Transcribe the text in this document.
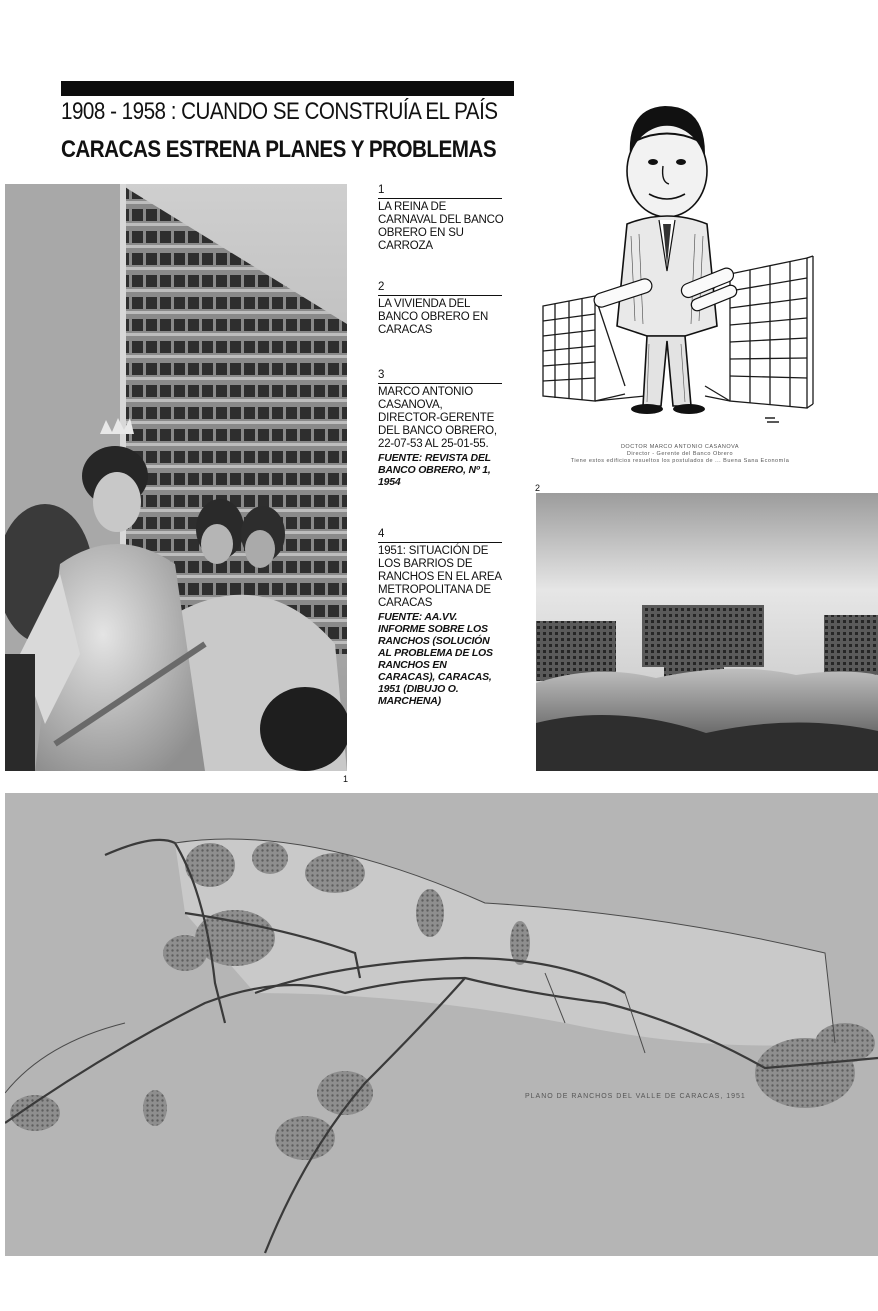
1908 - 1958 : CUANDO SE CONSTRUÍA EL PAÍS
CARACAS ESTRENA PLANES Y PROBLEMAS
1
1
LA REINA DE CARNAVAL DEL BANCO OBRERO EN SU CARROZA
2
LA VIVIENDA DEL BANCO OBRERO EN CARACAS
3
MARCO ANTONIO CASANOVA, DIRECTOR-GERENTE DEL BANCO OBRERO, 22-07-53 AL 25-01-55.
FUENTE: REVISTA DEL BANCO OBRERO, Nº 1, 1954
4
1951: SITUACIÓN DE LOS BARRIOS DE RANCHOS EN EL AREA METROPOLITANA DE CARACAS
FUENTE: AA.VV. INFORME SOBRE LOS RANCHOS (SOLUCIÓN AL PROBLEMA DE LOS RANCHOS EN CARACAS), CARACAS, 1951 (DIBUJO O. MARCHENA)
DOCTOR MARCO ANTONIO CASANOVA
Director - Gerente del Banco Obrero
Tiene estos edificios resueltos los postulados de ... Buena Sana Economía
2
PLANO DE RANCHOS DEL VALLE DE CARACAS, 1951
